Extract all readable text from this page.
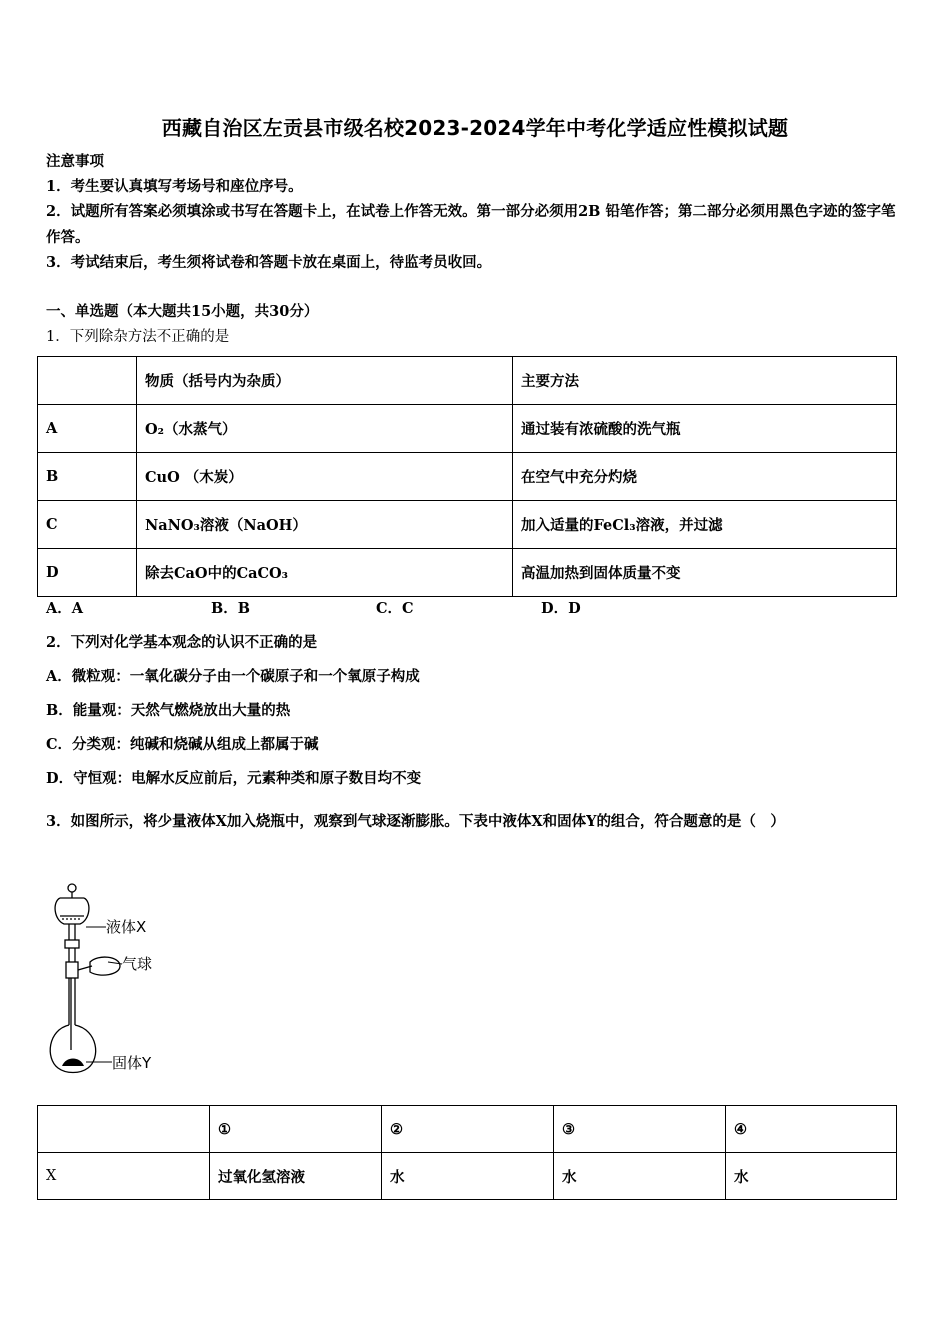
西藏自治区左贡县市级名校2023-2024学年中考化学适应性模拟试题
注意事项
1．考生要认真填写考场号和座位序号。
2．试题所有答案必须填涂或书写在答题卡上，在试卷上作答无效。第一部分必须用2B 铅笔作答；第二部分必须用黑色字迹的签字笔作答。
3．考试结束后，考生须将试卷和答题卡放在桌面上，待监考员收回。
一、单选题（本大题共15小题，共30分）
1．下列除杂方法不正确的是
	物质（括号内为杂质）	主要方法
A	O₂（水蒸气）	通过装有浓硫酸的洗气瓶
B	CuO （木炭）	在空气中充分灼烧
C	NaNO₃溶液（NaOH）	加入适量的FeCl₃溶液，并过滤
D	除去CaO中的CaCO₃	高温加热到固体质量不变
A．A	B．B	C．C	D．D
2．下列对化学基本观念的认识不正确的是
A．微粒观：一氧化碳分子由一个碳原子和一个氧原子构成
B．能量观：天然气燃烧放出大量的热
C．分类观：纯碱和烧碱从组成上都属于碱
D．守恒观：电解水反应前后，元素种类和原子数目均不变
3．如图所示，将少量液体X加入烧瓶中，观察到气球逐渐膨胀。下表中液体X和固体Y的组合，符合题意的是（　）
液体X
气球
固体Y
	①	②	③	④
X	过氧化氢溶液	水	水	水
